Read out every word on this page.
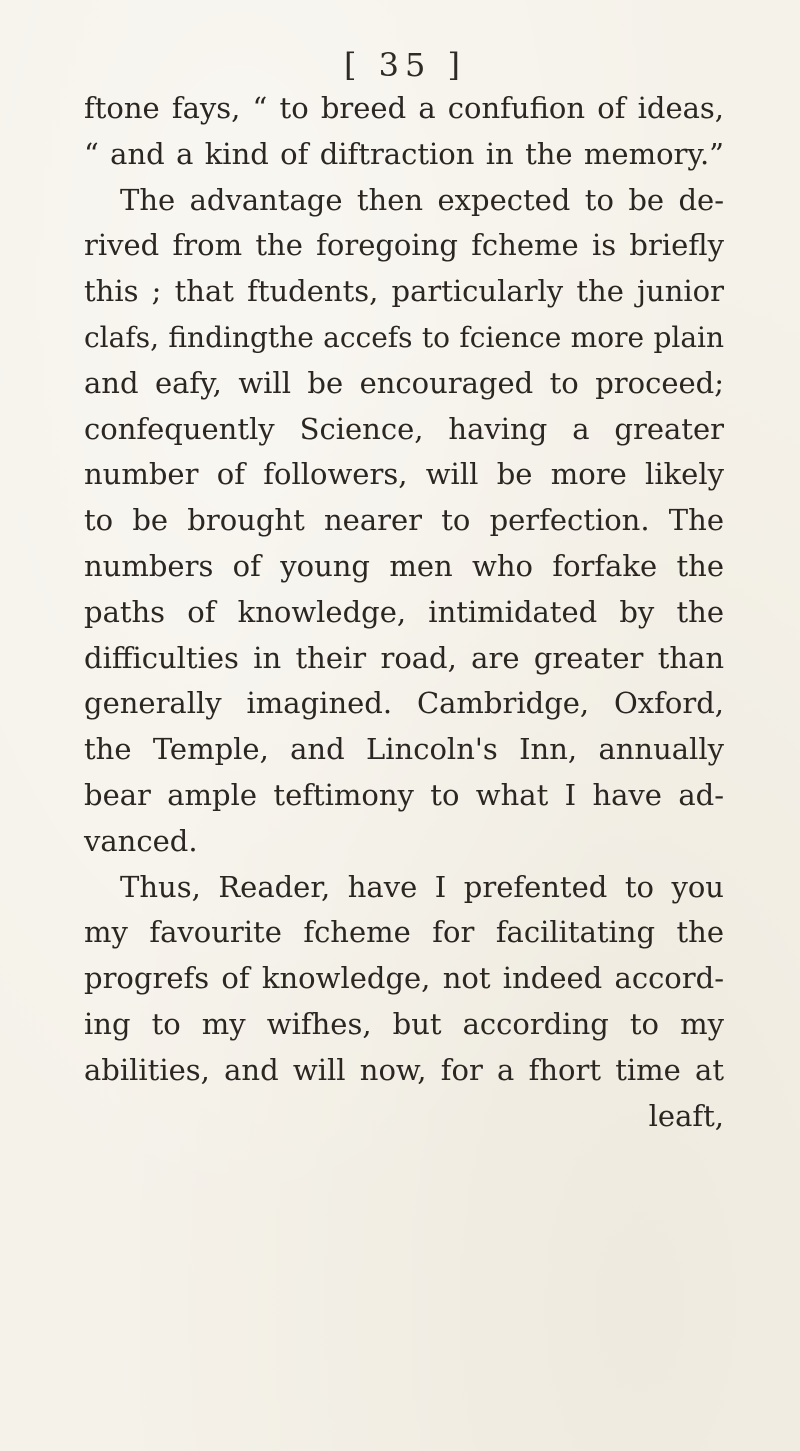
[ 35 ]
ftone fays, “ to breed a confufion of ideas,
“ and a kind of diftraction in the memory.”
The advantage then expected to be de-
rived from the foregoing fcheme is briefly
this ; that ftudents, particularly the junior
clafs, findingthe accefs to fcience more plain
and eafy, will be encouraged to proceed;
confequently Science, having a greater
number of followers, will be more likely
to be brought nearer to perfection. The
numbers of young men who forfake the
paths of knowledge, intimidated by the
difficulties in their road, are greater than
generally imagined. Cambridge, Oxford,
the Temple, and Lincoln's Inn, annually
bear ample teftimony to what I have ad-
vanced.
Thus, Reader, have I prefented to you
my favourite fcheme for facilitating the
progrefs of knowledge, not indeed accord-
ing to my wifhes, but according to my
abilities, and will now, for a fhort time at
leaft,
